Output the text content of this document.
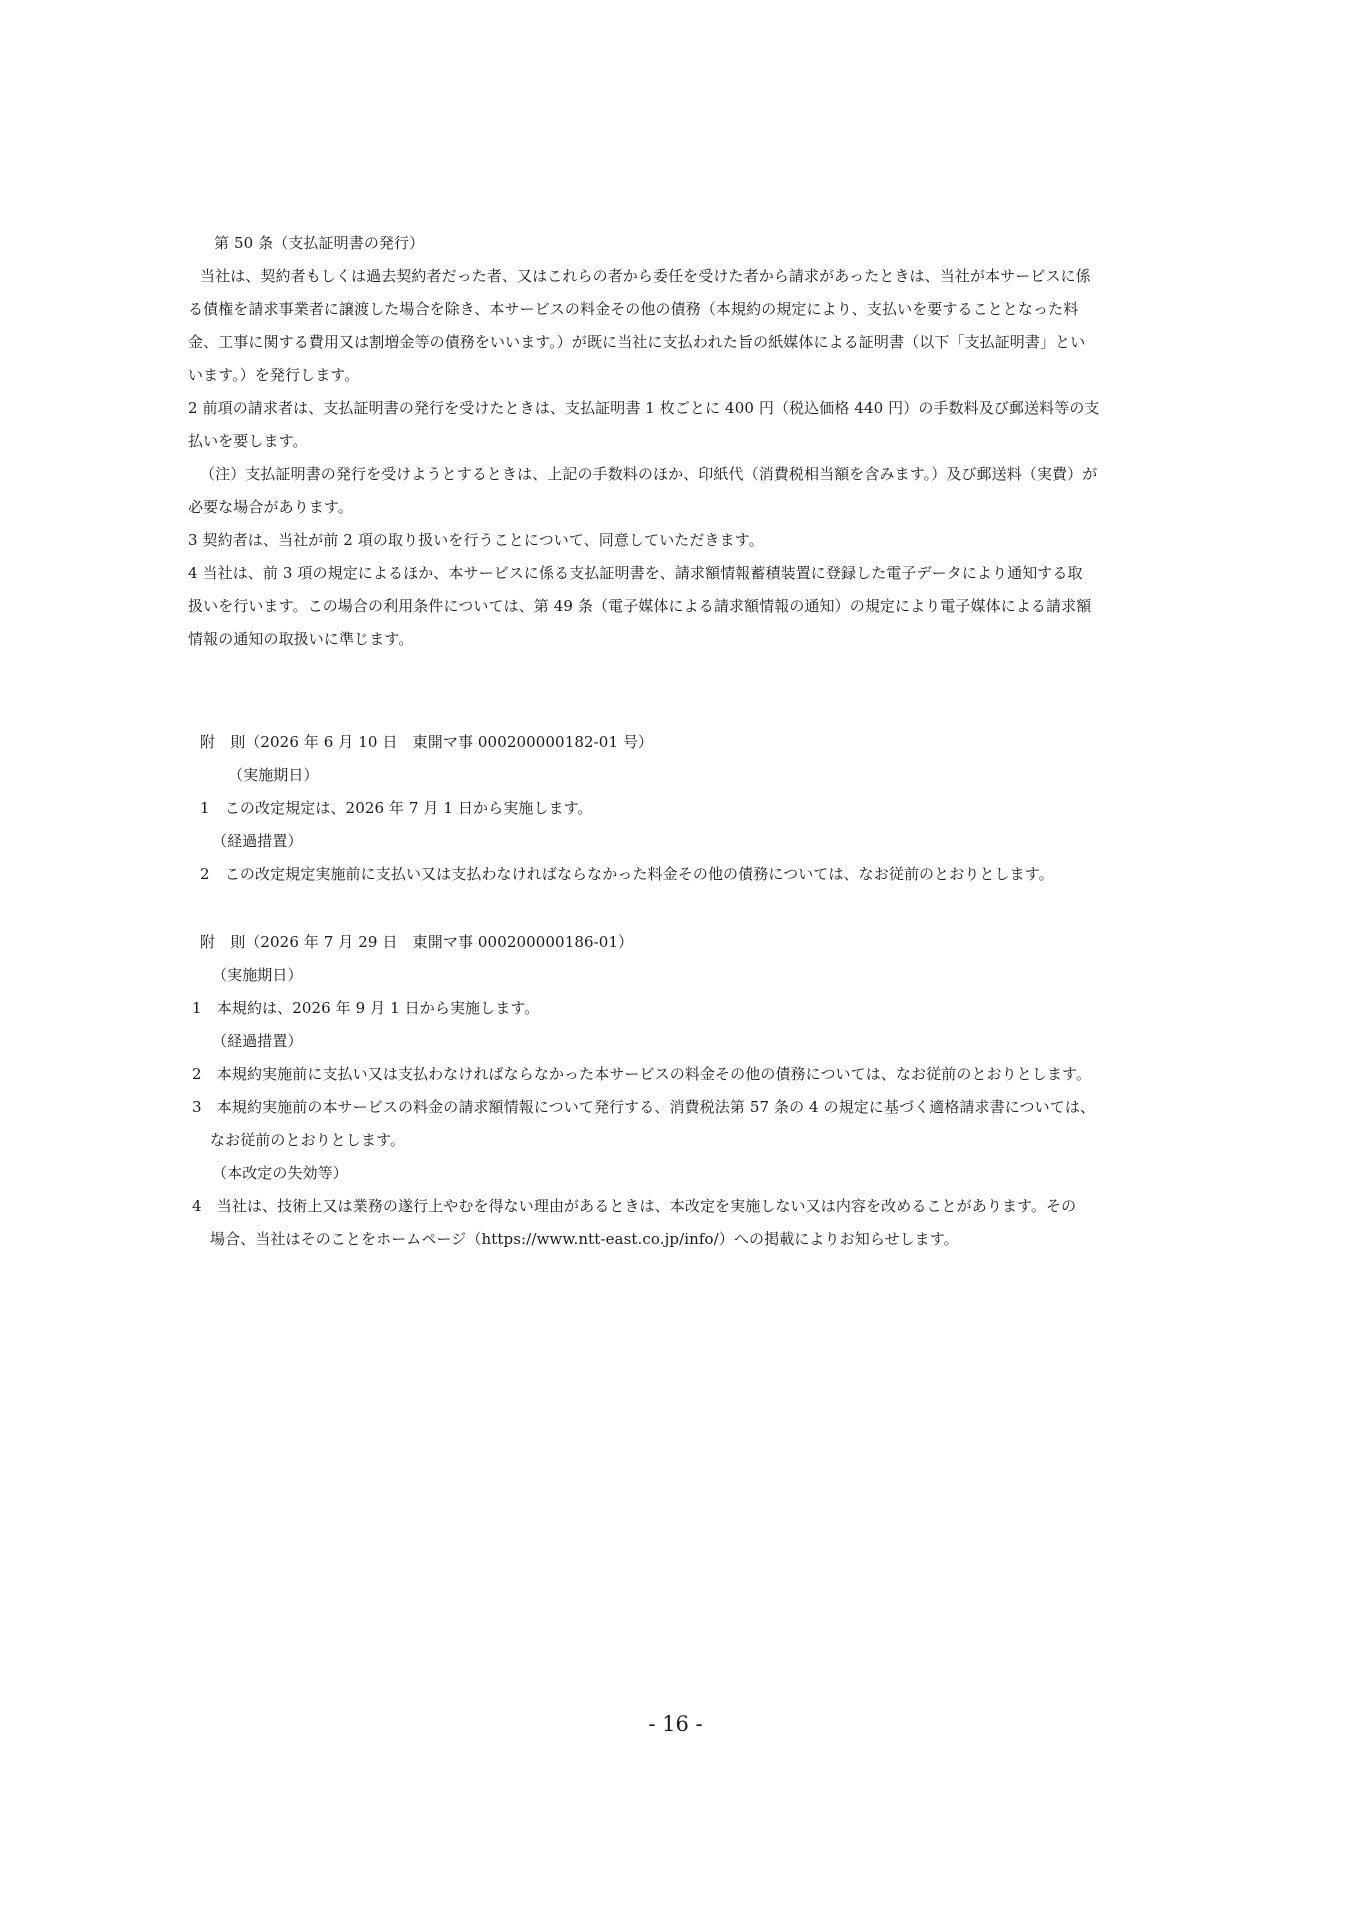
第 50 条（支払証明書の発行）
当社は、契約者もしくは過去契約者だった者、又はこれらの者から委任を受けた者から請求があったときは、当社が本サービスに係
る債権を請求事業者に譲渡した場合を除き、本サービスの料金その他の債務（本規約の規定により、支払いを要することとなった料
金、工事に関する費用又は割増金等の債務をいいます。）が既に当社に支払われた旨の紙媒体による証明書（以下「支払証明書」とい
います。）を発行します。
2 前項の請求者は、支払証明書の発行を受けたときは、支払証明書 1 枚ごとに 400 円（税込価格 440 円）の手数料及び郵送料等の支
払いを要します。
（注）支払証明書の発行を受けようとするときは、上記の手数料のほか、印紙代（消費税相当額を含みます。）及び郵送料（実費）が
必要な場合があります。
3 契約者は、当社が前 2 項の取り扱いを行うことについて、同意していただきます。
4 当社は、前 3 項の規定によるほか、本サービスに係る支払証明書を、請求額情報蓄積装置に登録した電子データにより通知する取
扱いを行います。この場合の利用条件については、第 49 条（電子媒体による請求額情報の通知）の規定により電子媒体による請求額
情報の通知の取扱いに準じます。
附　則（2026 年 6 月 10 日　東開マ事 000200000182-01 号）
（実施期日）
1　この改定規定は、2026 年 7 月 1 日から実施します。
（経過措置）
2　この改定規定実施前に支払い又は支払わなければならなかった料金その他の債務については、なお従前のとおりとします。
附　則（2026 年 7 月 29 日　東開マ事 000200000186-01）
（実施期日）
1　本規約は、2026 年 9 月 1 日から実施します。
（経過措置）
2　本規約実施前に支払い又は支払わなければならなかった本サービスの料金その他の債務については、なお従前のとおりとします。
3　本規約実施前の本サービスの料金の請求額情報について発行する、消費税法第 57 条の 4 の規定に基づく適格請求書については、
なお従前のとおりとします。
（本改定の失効等）
4　当社は、技術上又は業務の遂行上やむを得ない理由があるときは、本改定を実施しない又は内容を改めることがあります。その
場合、当社はそのことをホームページ（https://www.ntt-east.co.jp/info/）への掲載によりお知らせします。
- 16 -
